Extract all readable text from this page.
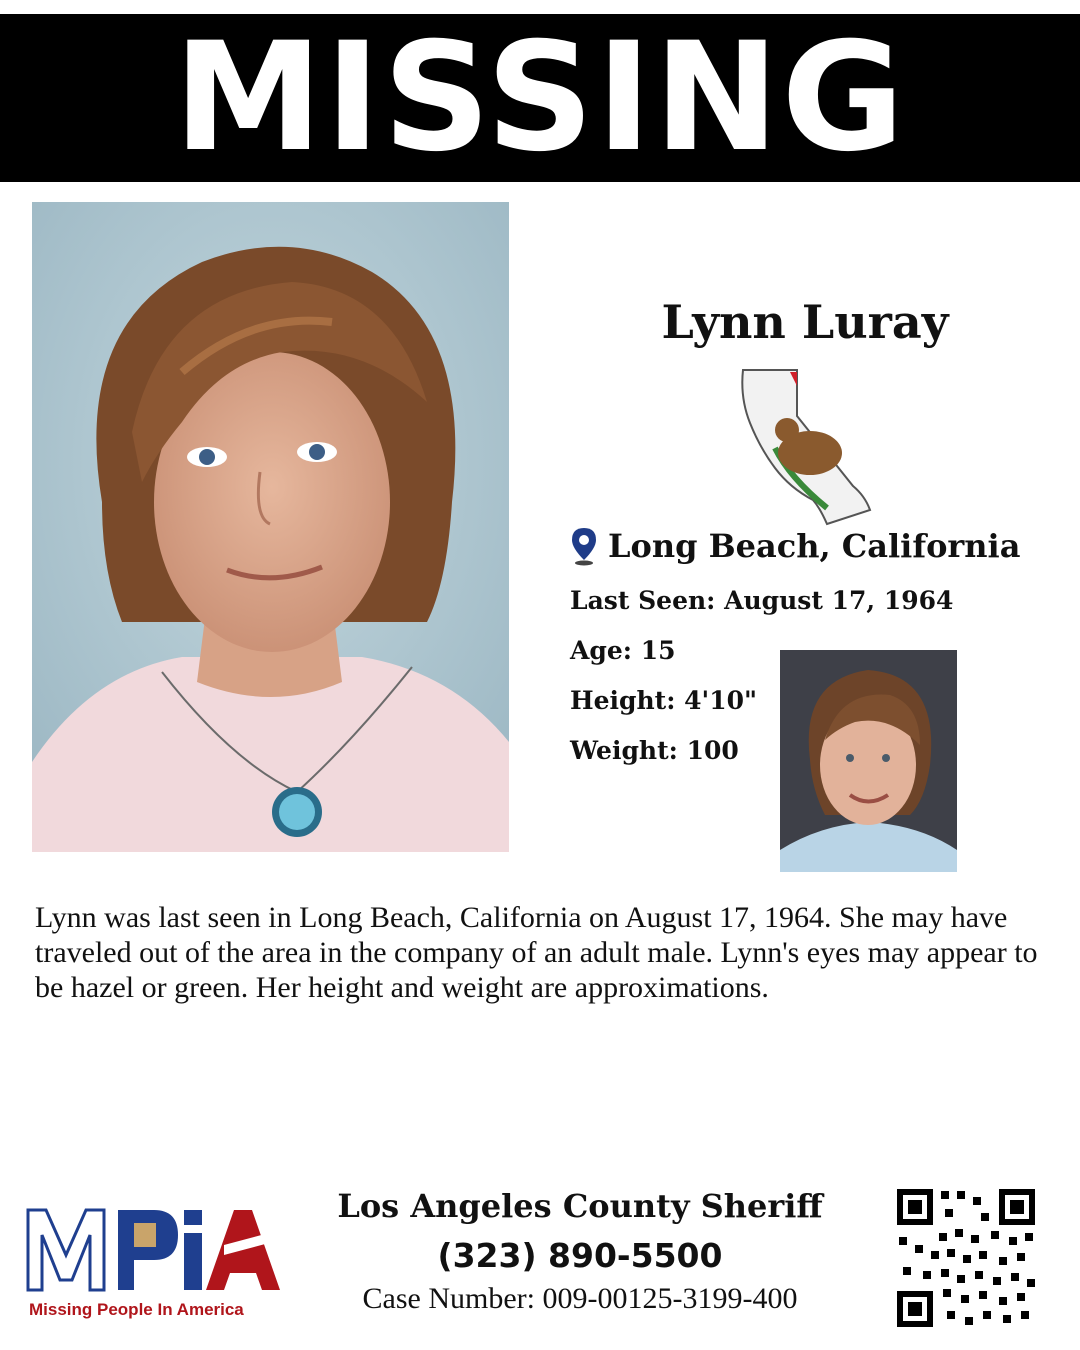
MISSING
Lynn Luray
Long Beach, California
Last Seen: August 17, 1964
Age: 15
Height: 4'10"
Weight: 100
Lynn was last seen in Long Beach, California on August 17, 1964. She may have traveled out of the area in the company of an adult male. Lynn's eyes may appear to be hazel or green. Her height and weight are approximations.
Missing People In America
Los Angeles County Sheriff
(323) 890-5500
Case Number: 009-00125-3199-400
